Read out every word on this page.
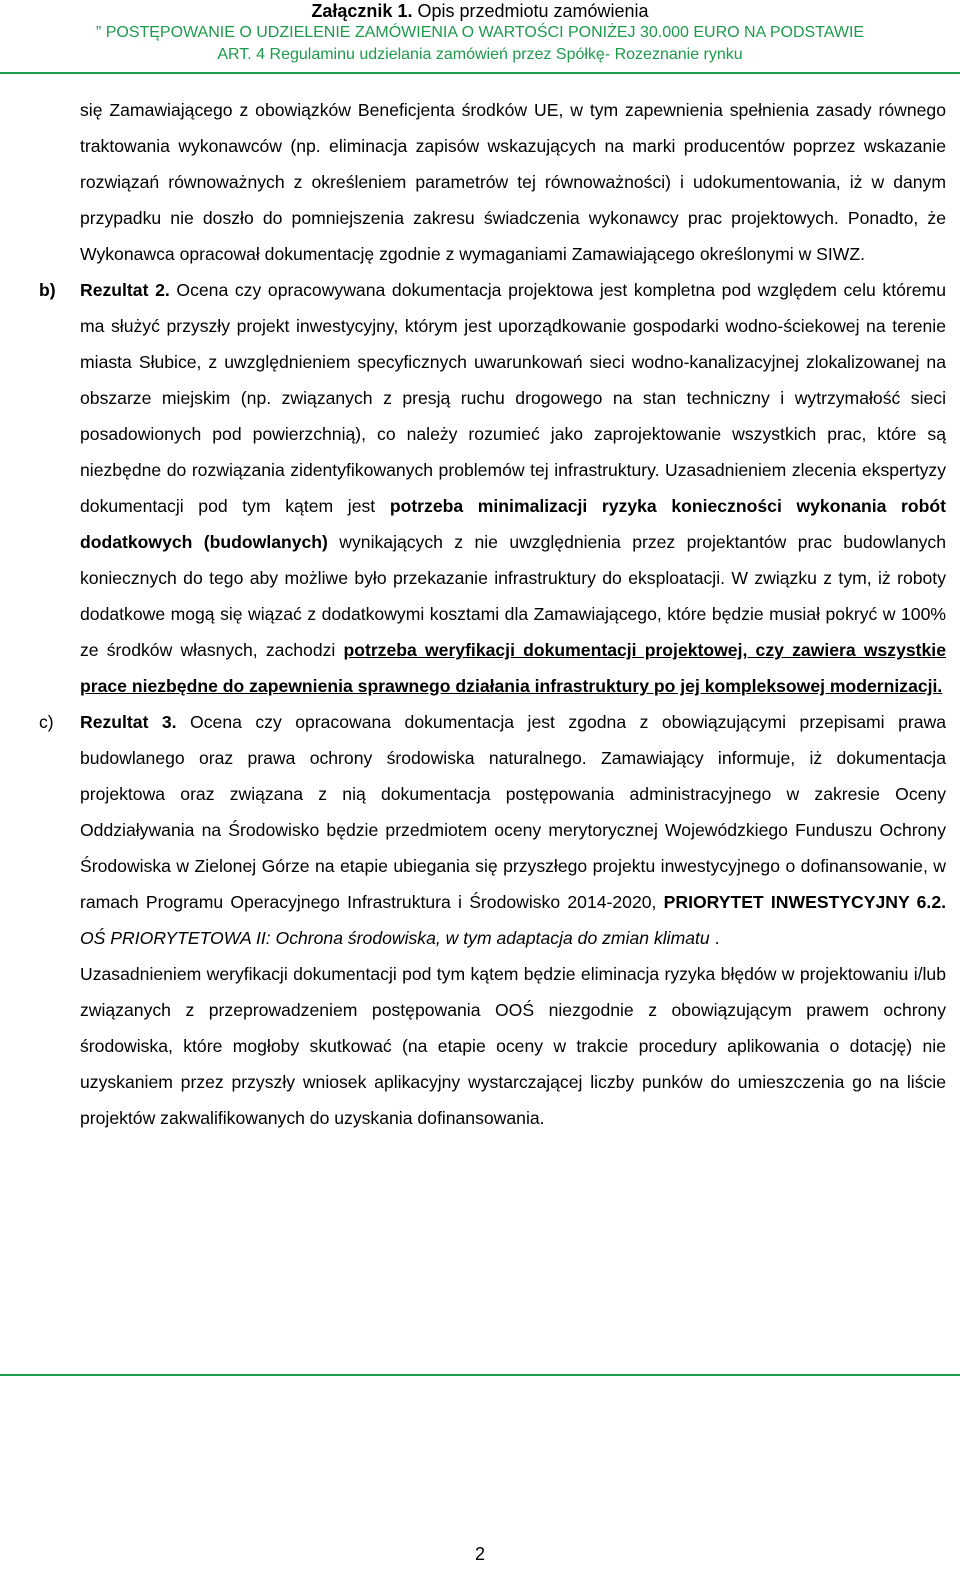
Załącznik 1. Opis przedmiotu zamówienia
” POSTĘPOWANIE O UDZIELENIE ZAMÓWIENIA O WARTOŚCI PONIŻEJ 30.000 EURO NA PODSTAWIE
ART. 4 Regulaminu udzielania zamówień przez Spółkę- Rozeznanie rynku

się Zamawiającego z obowiązków Beneficjenta środków UE, w tym zapewnienia spełnienia zasady równego traktowania wykonawców (np. eliminacja zapisów wskazujących na marki producentów poprzez wskazanie rozwiązań równoważnych z określeniem parametrów tej równoważności) i udokumentowania, iż w danym przypadku nie doszło do pomniejszenia zakresu świadczenia wykonawcy prac projektowych. Ponadto, że Wykonawca opracował dokumentację zgodnie z wymaganiami Zamawiającego określonymi w SIWZ.

b)	Rezultat 2. Ocena czy opracowywana dokumentacja projektowa jest kompletna pod względem celu któremu ma służyć przyszły projekt inwestycyjny, którym jest uporządkowanie gospodarki wodno-ściekowej na terenie miasta Słubice, z uwzględnieniem specyficznych uwarunkowań sieci wodno-kanalizacyjnej zlokalizowanej na obszarze miejskim (np. związanych z presją ruchu drogowego na stan techniczny i wytrzymałość sieci posadowionych pod powierzchnią), co należy rozumieć jako zaprojektowanie wszystkich prac, które są niezbędne do rozwiązania zidentyfikowanych problemów tej infrastruktury. Uzasadnieniem zlecenia ekspertyzy dokumentacji pod tym kątem jest potrzeba minimalizacji ryzyka konieczności wykonania robót dodatkowych (budowlanych) wynikających z nie uwzględnienia przez projektantów prac budowlanych koniecznych do tego aby możliwe było przekazanie infrastruktury do eksploatacji. W związku z tym, iż roboty dodatkowe mogą się wiązać z dodatkowymi kosztami dla Zamawiającego, które będzie musiał pokryć w 100% ze środków własnych, zachodzi potrzeba weryfikacji dokumentacji projektowej, czy zawiera wszystkie prace niezbędne do zapewnienia sprawnego działania infrastruktury po jej kompleksowej modernizacji.

c)	Rezultat 3. Ocena czy opracowana dokumentacja jest zgodna z obowiązującymi przepisami prawa budowlanego oraz prawa ochrony środowiska naturalnego. Zamawiający informuje, iż dokumentacja projektowa oraz związana z nią dokumentacja postępowania administracyjnego w zakresie Oceny Oddziaływania na Środowisko będzie przedmiotem oceny merytorycznej Wojewódzkiego Funduszu Ochrony Środowiska w Zielonej Górze na etapie ubiegania się przyszłego projektu inwestycyjnego o dofinansowanie, w ramach Programu Operacyjnego Infrastruktura i Środowisko 2014-2020, PRIORYTET INWESTYCYJNY 6.2. OŚ PRIORYTETOWA II: Ochrona środowiska, w tym adaptacja do zmian klimatu .

Uzasadnieniem weryfikacji dokumentacji pod tym kątem będzie eliminacja ryzyka błędów w projektowaniu i/lub związanych z przeprowadzeniem postępowania OOŚ niezgodnie z obowiązującym prawem ochrony środowiska, które mogłoby skutkować (na etapie oceny w trakcie procedury aplikowania o dotację) nie uzyskaniem przez przyszły wniosek aplikacyjny wystarczającej liczby punków do umieszczenia go na liście projektów zakwalifikowanych do uzyskania dofinansowania.

2
